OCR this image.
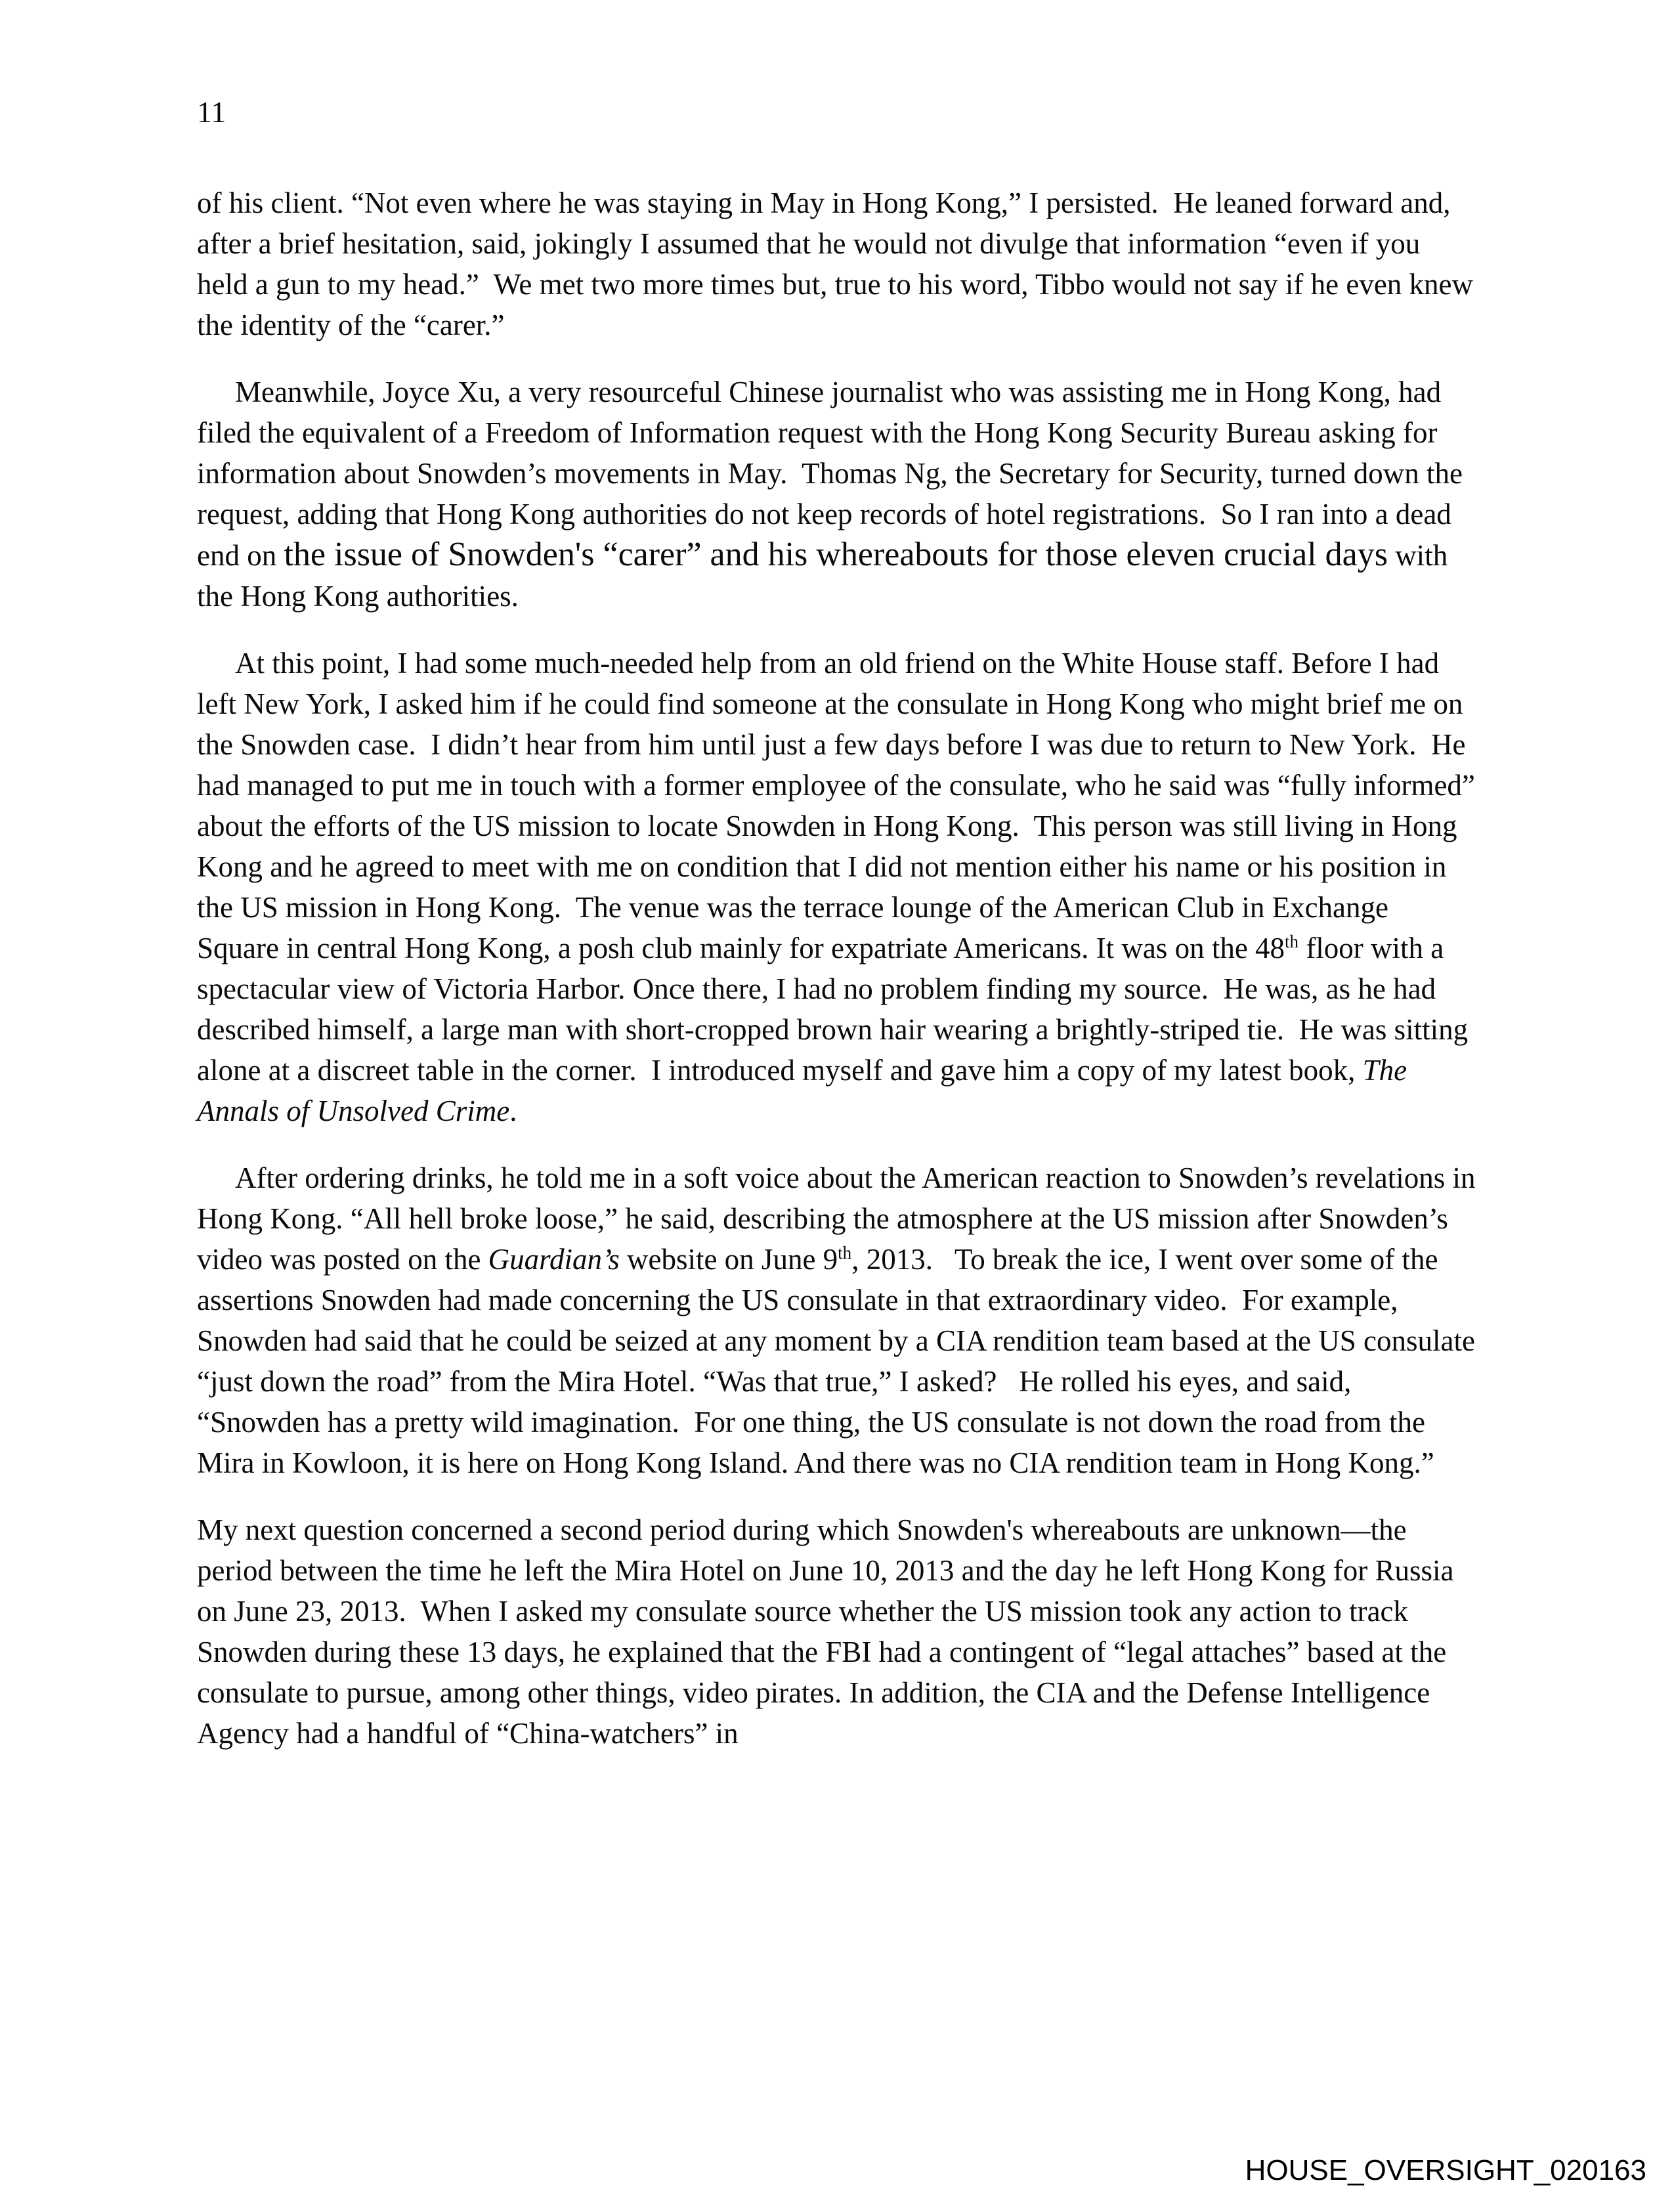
11

of his client. “Not even where he was staying in May in Hong Kong,” I persisted.  He leaned forward and, after a brief hesitation, said, jokingly I assumed that he would not divulge that information “even if you held a gun to my head.”  We met two more times but, true to his word, Tibbo would not say if he even knew the identity of the “carer.”

Meanwhile, Joyce Xu, a very resourceful Chinese journalist who was assisting me in Hong Kong, had filed the equivalent of a Freedom of Information request with the Hong Kong Security Bureau asking for information about Snowden’s movements in May.  Thomas Ng, the Secretary for Security, turned down the request, adding that Hong Kong authorities do not keep records of hotel registrations.  So I ran into a dead end on the issue of Snowden's “carer” and his whereabouts for those eleven crucial days with the Hong Kong authorities.

At this point, I had some much-needed help from an old friend on the White House staff. Before I had left New York, I asked him if he could find someone at the consulate in Hong Kong who might brief me on the Snowden case.  I didn’t hear from him until just a few days before I was due to return to New York.  He had managed to put me in touch with a former employee of the consulate, who he said was “fully informed” about the efforts of the US mission to locate Snowden in Hong Kong.  This person was still living in Hong Kong and he agreed to meet with me on condition that I did not mention either his name or his position in the US mission in Hong Kong.  The venue was the terrace lounge of the American Club in Exchange Square in central Hong Kong, a posh club mainly for expatriate Americans. It was on the 48th floor with a spectacular view of Victoria Harbor. Once there, I had no problem finding my source.  He was, as he had described himself, a large man with short-cropped brown hair wearing a brightly-striped tie.  He was sitting alone at a discreet table in the corner.  I introduced myself and gave him a copy of my latest book, The Annals of Unsolved Crime.

After ordering drinks, he told me in a soft voice about the American reaction to Snowden’s revelations in Hong Kong. “All hell broke loose,” he said, describing the atmosphere at the US mission after Snowden’s video was posted on the Guardian’s website on June 9th, 2013.   To break the ice, I went over some of the assertions Snowden had made concerning the US consulate in that extraordinary video.  For example, Snowden had said that he could be seized at any moment by a CIA rendition team based at the US consulate “just down the road” from the Mira Hotel. “Was that true,” I asked?   He rolled his eyes, and said, “Snowden has a pretty wild imagination.  For one thing, the US consulate is not down the road from the Mira in Kowloon, it is here on Hong Kong Island. And there was no CIA rendition team in Hong Kong.”

My next question concerned a second period during which Snowden's whereabouts are unknown—the period between the time he left the Mira Hotel on June 10, 2013 and the day he left Hong Kong for Russia on June 23, 2013.  When I asked my consulate source whether the US mission took any action to track Snowden during these 13 days, he explained that the FBI had a contingent of “legal attaches” based at the consulate to pursue, among other things, video pirates. In addition, the CIA and the Defense Intelligence Agency had a handful of “China-watchers” in

HOUSE_OVERSIGHT_020163
